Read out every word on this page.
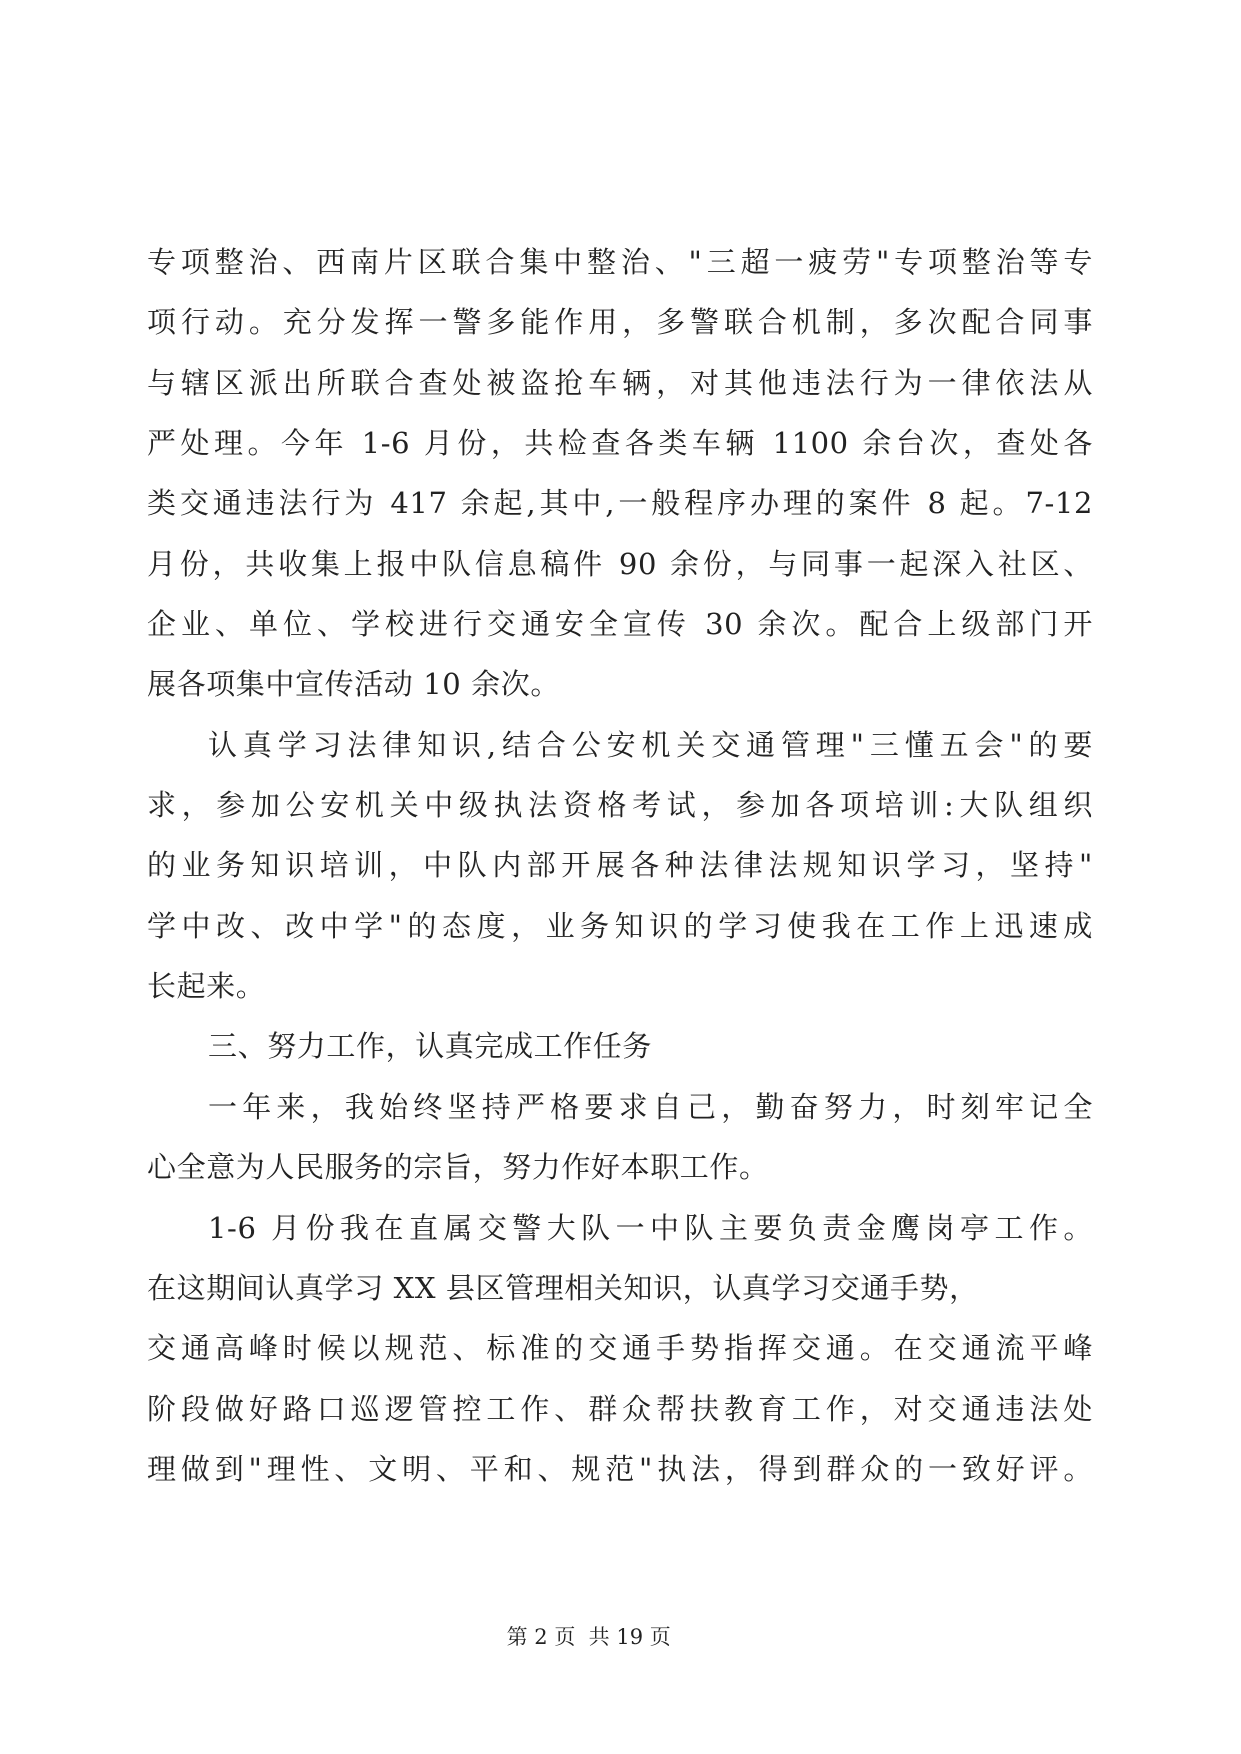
专项整治、西南片区联合集中整治、"三超一疲劳"专项整治等专
项行动。充分发挥一警多能作用，多警联合机制，多次配合同事
与辖区派出所联合查处被盗抢车辆，对其他违法行为一律依法从
严处理。今年 1-6 月份，共检查各类车辆 1100 余台次，查处各
类交通违法行为 417 余起,其中,一般程序办理的案件 8 起。7-12
月份，共收集上报中队信息稿件 90 余份，与同事一起深入社区、
企业、单位、学校进行交通安全宣传 30 余次。配合上级部门开
展各项集中宣传活动 10 余次。
认真学习法律知识,结合公安机关交通管理"三懂五会"的要
求，参加公安机关中级执法资格考试，参加各项培训:大队组织
的业务知识培训，中队内部开展各种法律法规知识学习，坚持"
学中改、改中学"的态度，业务知识的学习使我在工作上迅速成
长起来。
三、努力工作，认真完成工作任务
一年来，我始终坚持严格要求自己，勤奋努力，时刻牢记全
心全意为人民服务的宗旨，努力作好本职工作。
1-6 月份我在直属交警大队一中队主要负责金鹰岗亭工作。
在这期间认真学习 XX 县区管理相关知识，认真学习交通手势，
交通高峰时候以规范、标准的交通手势指挥交通。在交通流平峰
阶段做好路口巡逻管控工作、群众帮扶教育工作，对交通违法处
理做到"理性、文明、平和、规范"执法，得到群众的一致好评。

第 2 页  共 19 页
